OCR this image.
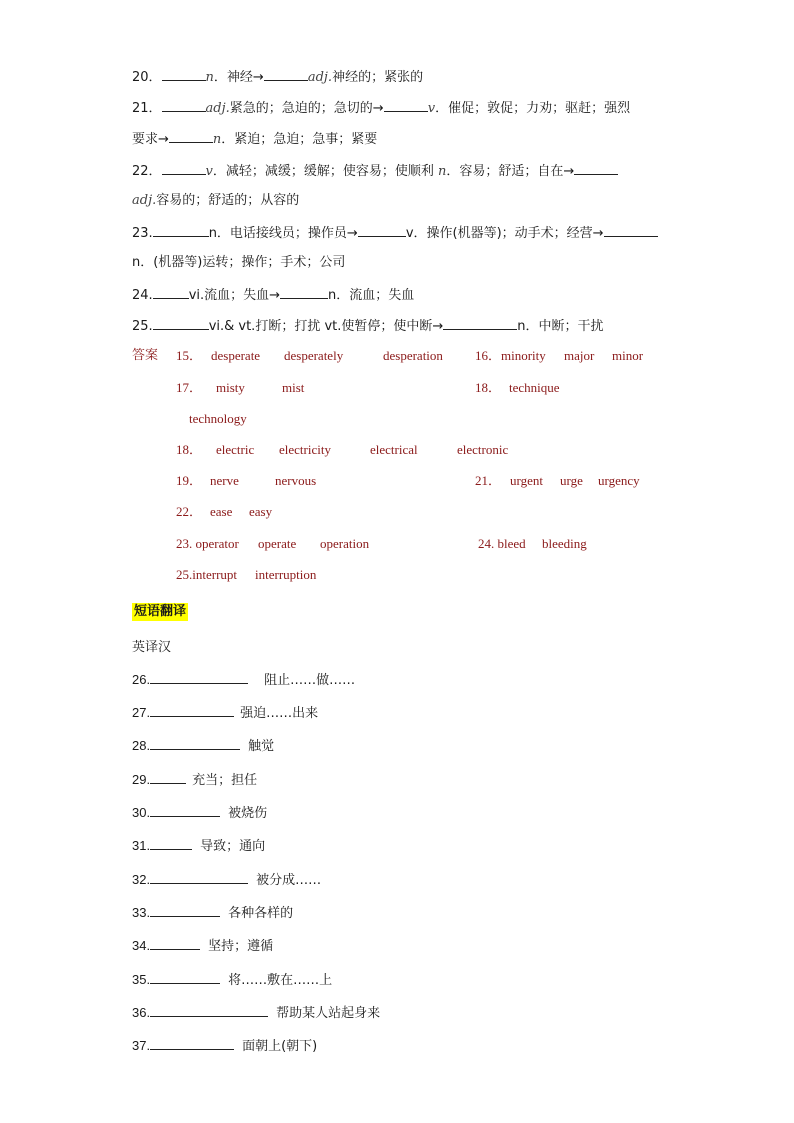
20．	n．神经→	adj.神经的；紧张的
21．	adj.紧急的；急迫的；急切的→	v．催促；敦促；力劝；驱赶；强烈
要求→	n．紧迫；急迫；急事；紧要
22．	v．减轻；减缓；缓解；使容易；使顺利 n．容易；舒适；自在→
adj.容易的；舒适的；从容的
23.	n．电话接线员；操作员→	v．操作(机器等)；动手术；经营→
n．(机器等)运转；操作；手术；公司
24.	vi.流血；失血→	n．流血；失血
25.	vi.& vt.打断；打扰 vt.使暂停；使中断→	n．中断；干扰
答案 15． desperate desperately	desperation 16．minority major minor
17． misty	mist	18． technique
technology
18． electric electricity	electrical	electronic
19． nerve	nervous	21． urgent urge urgency
22． ease easy
23. operator operate operation	24. bleed bleeding
25.interrupt interruption
短语翻译
英译汉
26.	阻止……做……
27.	强迫……出来
28.	触觉
29.	充当；担任
30.	被烧伤
31.	导致；通向
32.	被分成……
33.	各种各样的
34.	坚持；遵循
35.	将……敷在……上
36.	帮助某人站起身来
37.	面朝上(朝下)
